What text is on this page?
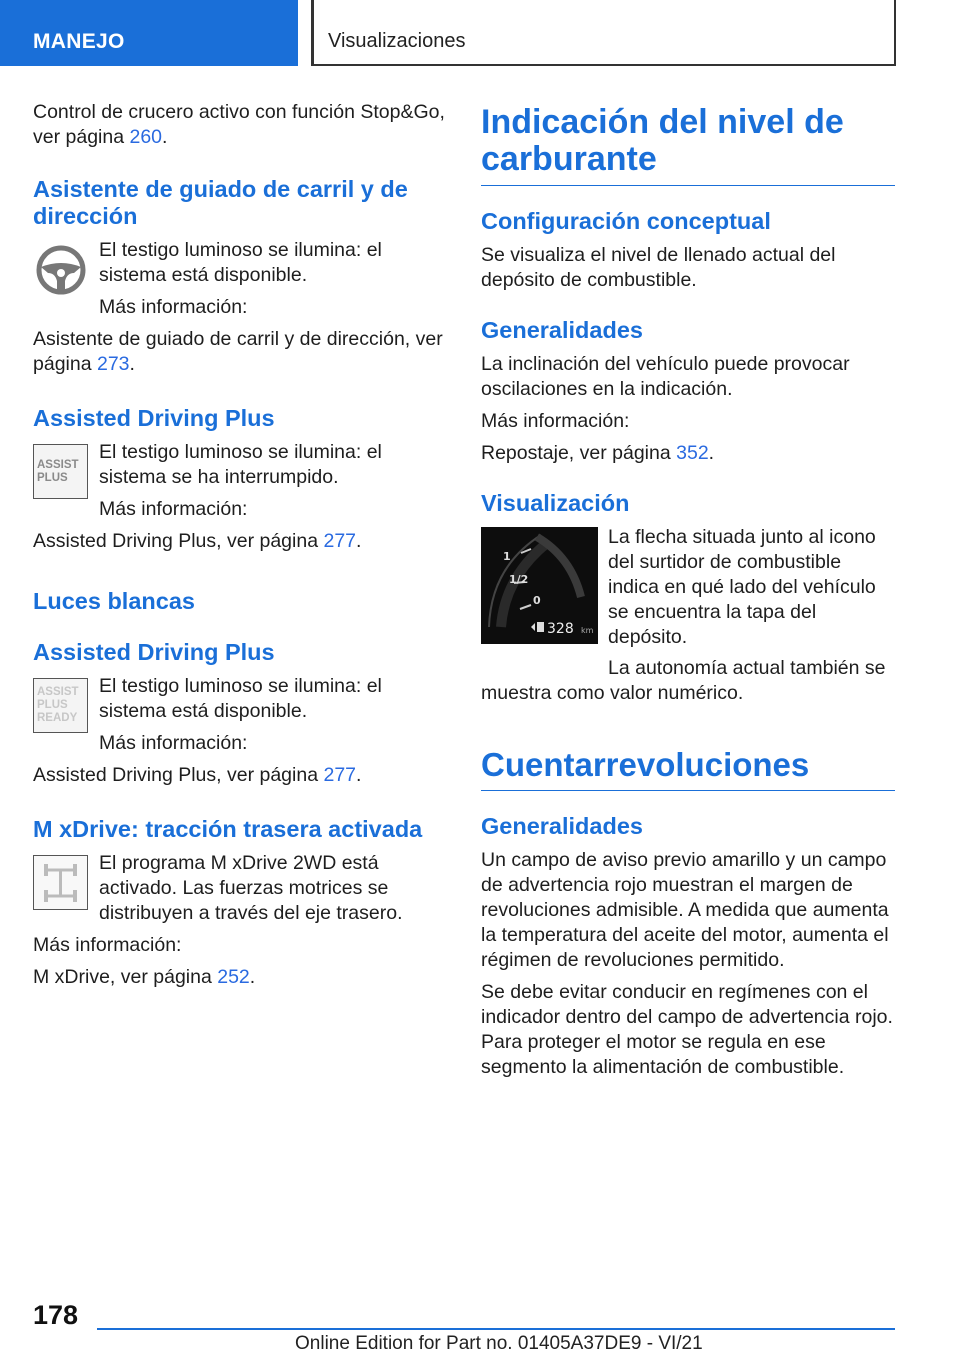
MANEJO	Visualizaciones

Control de crucero activo con función Stop&Go, ver página 260.

Asistente de guiado de carril y de dirección

El testigo luminoso se ilumina: el sistema está disponible.

Más información:

Asistente de guiado de carril y de dirección, ver página 273.

Assisted Driving Plus
ASSIST
PLUS

El testigo luminoso se ilumina: el sistema se ha interrumpido.

Más información:

Assisted Driving Plus, ver página 277.

Luces blancas
Assisted Driving Plus
ASSIST
PLUS
READY

El testigo luminoso se ilumina: el sistema está disponible.

Más información:

Assisted Driving Plus, ver página 277.

M xDrive: tracción trasera activada

El programa M xDrive 2WD está activado. Las fuerzas motrices se distribuyen a través del eje trasero.

Más información:

M xDrive, ver página 252.

Indicación del nivel de carburante
Configuración conceptual

Se visualiza el nivel de llenado actual del depósito de combustible.

Generalidades

La inclinación del vehículo puede provocar oscilaciones en la indicación.

Más información:

Repostaje, ver página 352.

Visualización
1
1/2
0
328 km

La flecha situada junto al icono del surtidor de combustible indica en qué lado del vehículo se encuentra la tapa del depósito.

La autonomía actual también se muestra como valor numérico.

Cuentarrevoluciones
Generalidades

Un campo de aviso previo amarillo y un campo de advertencia rojo muestran el margen de revoluciones admisible. A medida que aumenta la temperatura del aceite del motor, aumenta el régimen de revoluciones permitido.

Se debe evitar conducir en regímenes con el indicador dentro del campo de advertencia rojo. Para proteger el motor se regula en ese segmento la alimentación de combustible.

178
Online Edition for Part no. 01405A37DE9 - VI/21
